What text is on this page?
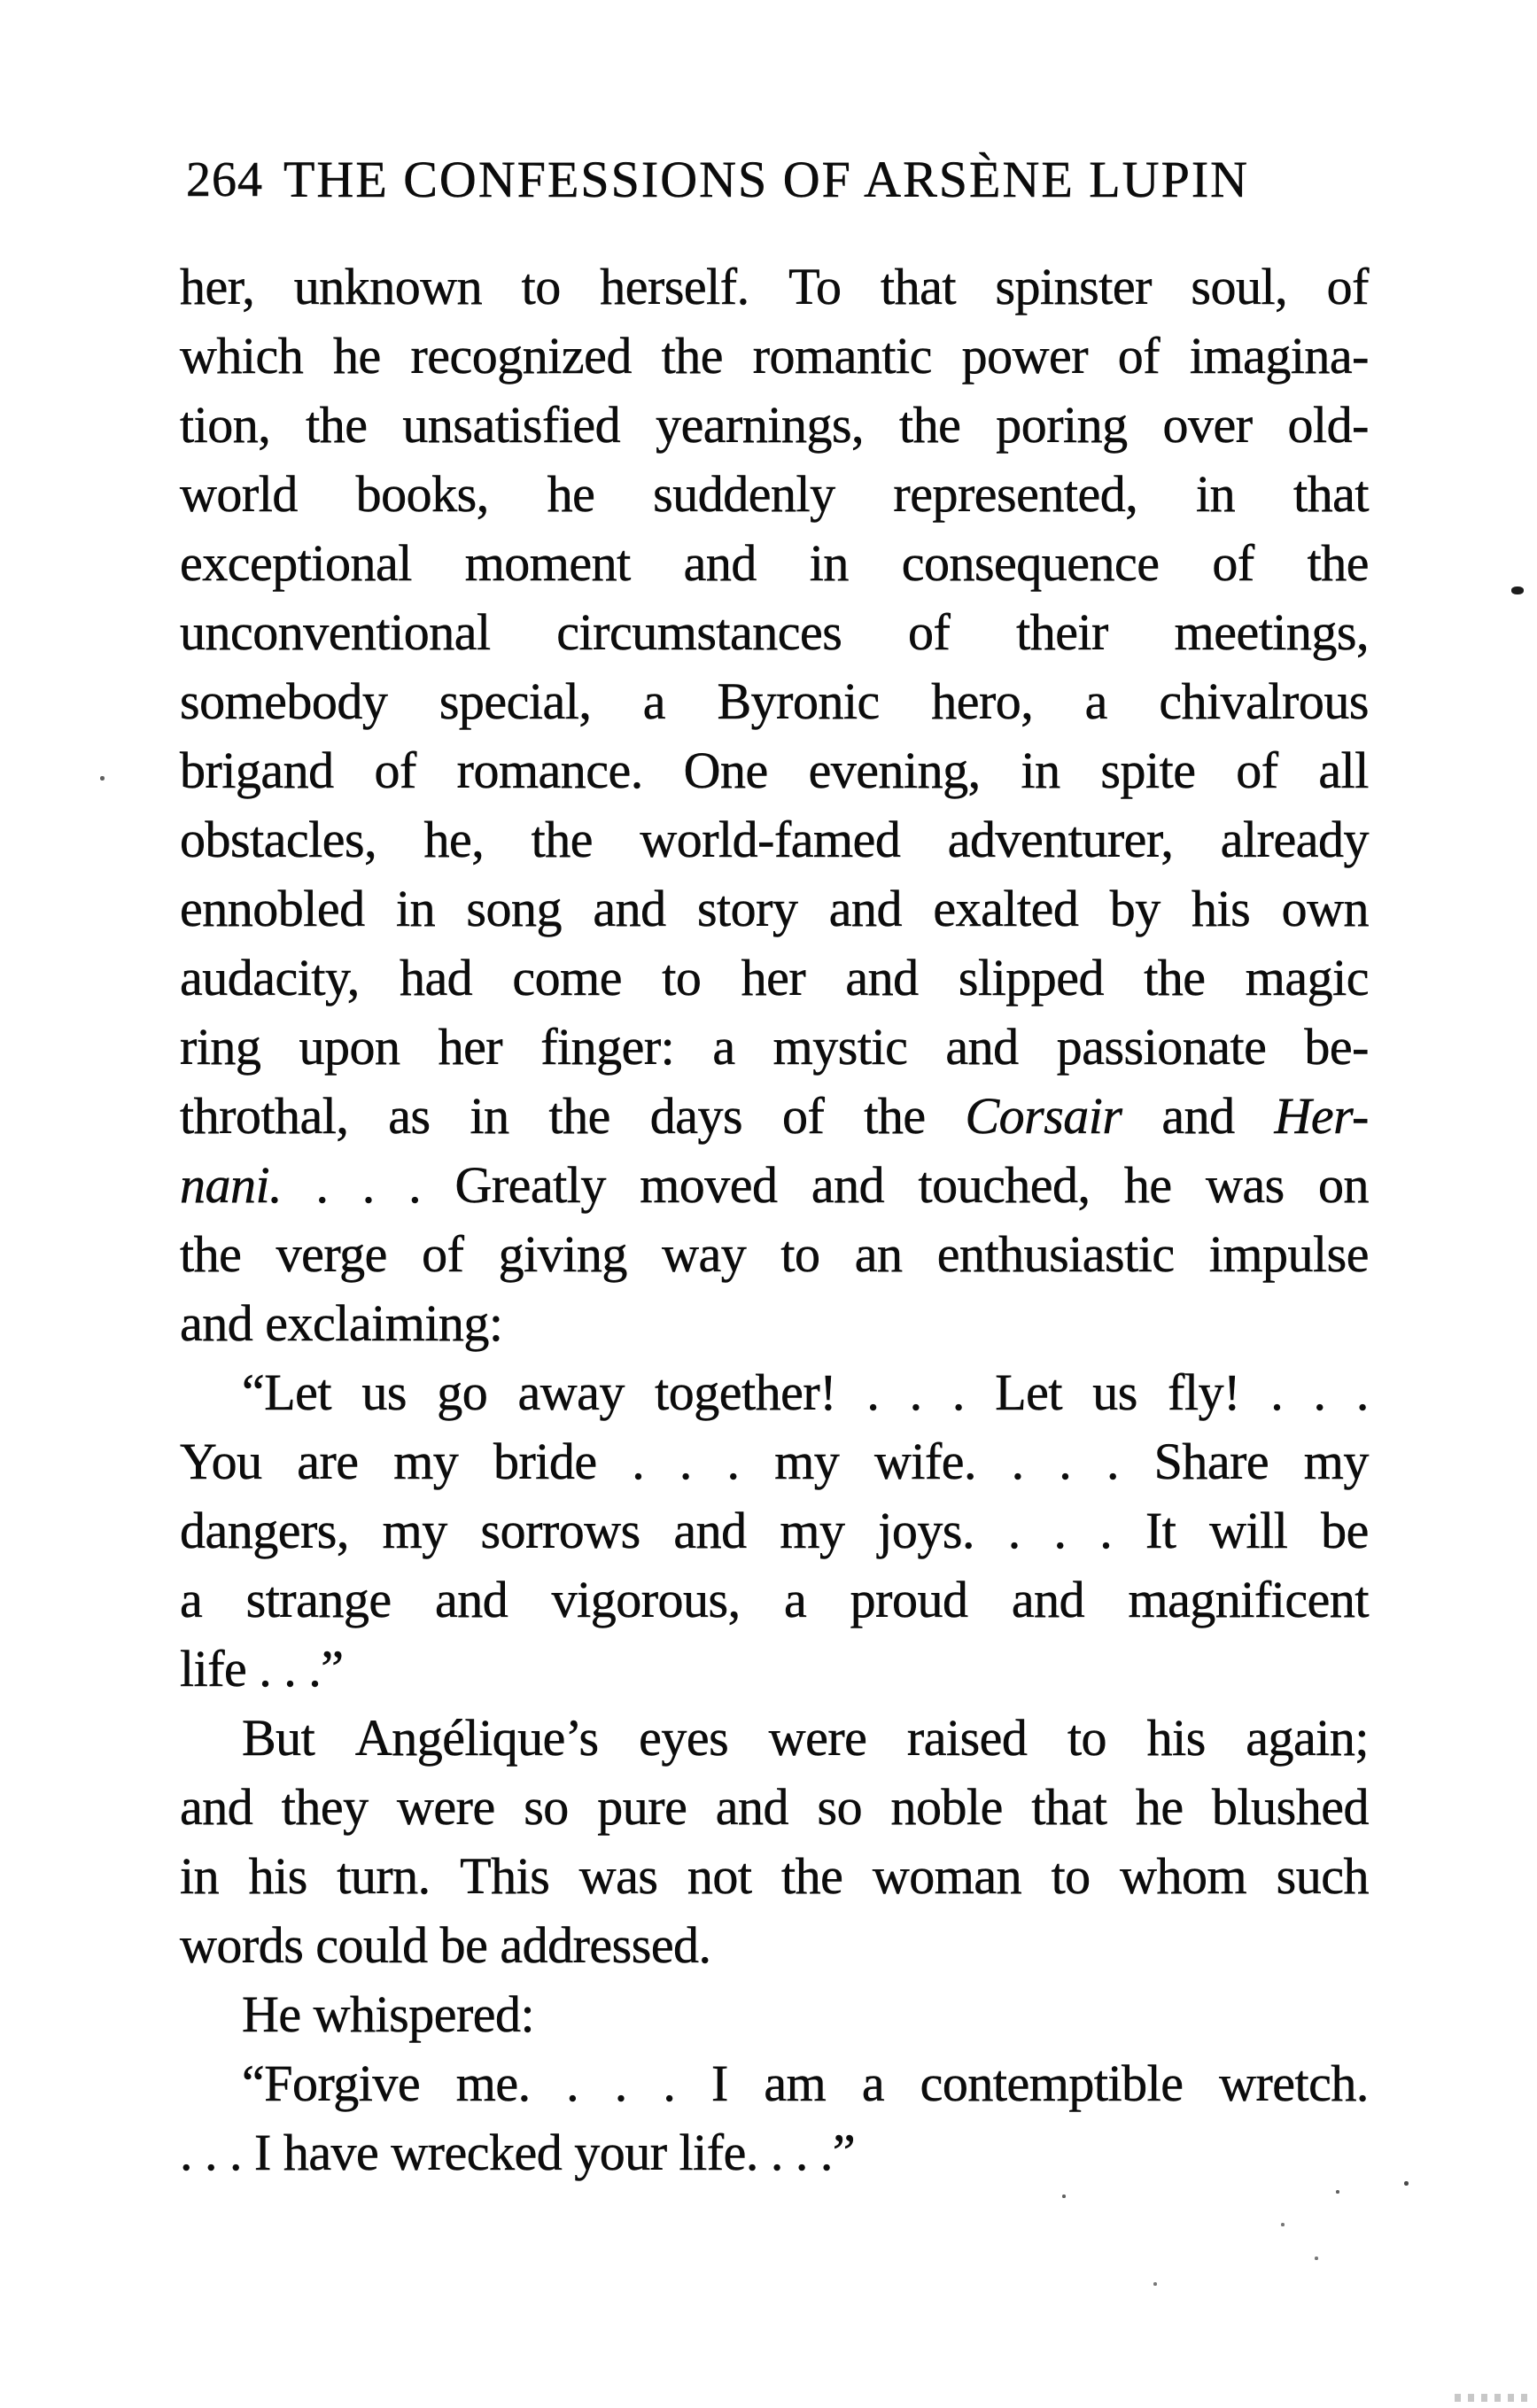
264 THE CONFESSIONS OF ARSÈNE LUPIN
her, unknown to herself. To that spinster soul, of
which he recognized the romantic power of imagina-
tion, the unsatisfied yearnings, the poring over old-
world books, he suddenly represented, in that
exceptional moment and in consequence of the
unconventional circumstances of their meetings,
somebody special, a Byronic hero, a chivalrous
brigand of romance. One evening, in spite of all
obstacles, he, the world-famed adventurer, already
ennobled in song and story and exalted by his own
audacity, had come to her and slipped the magic
ring upon her finger: a mystic and passionate be-
throthal, as in the days of the Corsair and Her-
nani. . . . Greatly moved and touched, he was on
the verge of giving way to an enthusiastic impulse
and exclaiming:
“Let us go away together! . . . Let us fly! . . .
You are my bride . . . my wife. . . . Share my
dangers, my sorrows and my joys. . . . It will be
a strange and vigorous, a proud and magnificent
life . . .”
But Angélique’s eyes were raised to his again;
and they were so pure and so noble that he blushed
in his turn. This was not the woman to whom such
words could be addressed.
He whispered:
“Forgive me. . . . I am a contemptible wretch.
. . . I have wrecked your life. . . .”
